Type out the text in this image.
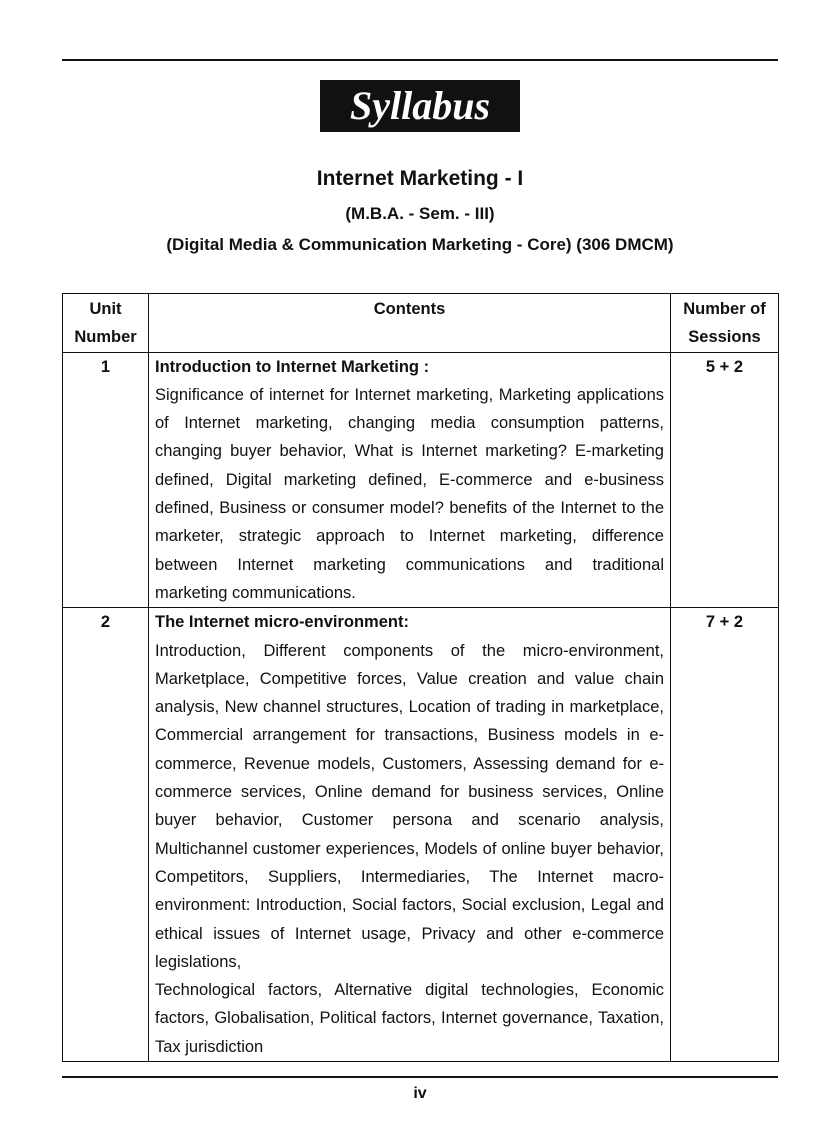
Syllabus
Internet Marketing - I
(M.B.A. - Sem. - III)
(Digital Media & Communication Marketing - Core) (306 DMCM)
Unit
Number	Contents	Number of
Sessions
1	Introduction to Internet Marketing :
Significance of internet for Internet marketing, Marketing applications of Internet marketing, changing media consumption patterns, changing buyer behavior, What is Internet marketing? E-marketing defined, Digital marketing defined, E-commerce and e-business defined, Business or consumer model? benefits of the Internet to the marketer, strategic approach to Internet marketing, difference between Internet marketing communications and traditional marketing communications.	5 + 2
2	The Internet micro-environment:
Introduction, Different components of the micro-environment, Marketplace, Competitive forces, Value creation and value chain analysis, New channel structures, Location of trading in marketplace, Commercial arrangement for transactions, Business models in e-commerce, Revenue models, Customers, Assessing demand for e-commerce services, Online demand for business services, Online buyer behavior, Customer persona and scenario analysis, Multichannel customer experiences, Models of online buyer behavior, Competitors, Suppliers, Intermediaries, The Internet macro-environment: Introduction, Social factors, Social exclusion, Legal and ethical issues of Internet usage, Privacy and other e-commerce legislations,
Technological factors, Alternative digital technologies, Economic factors, Globalisation, Political factors, Internet governance, Taxation, Tax jurisdiction	7 + 2
iv
